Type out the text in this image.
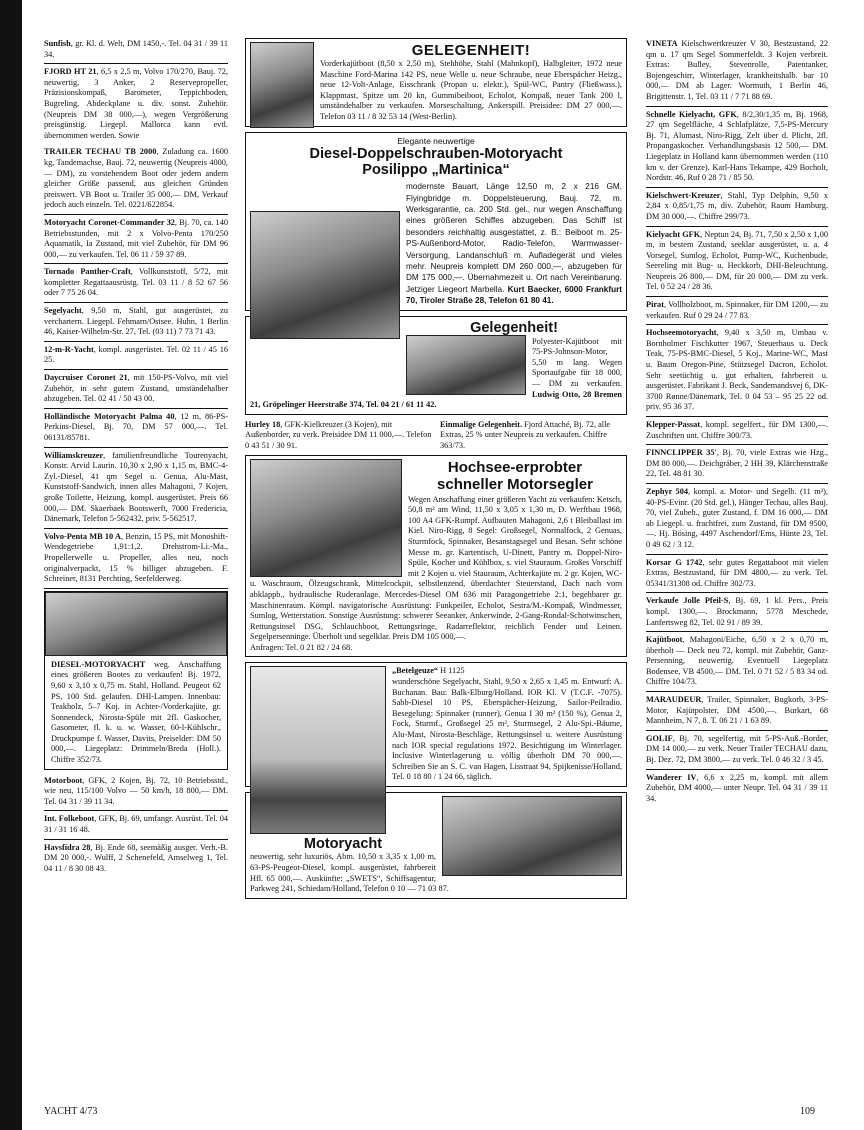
Sunfish, gr. Kl. d. Welt, DM 1450,-. Tel. 04 31 / 39 11 34.
FJORD HT 21, 6,5 x 2,5 m, Volvo 170/270, Bauj. 72, neuwertig, 3 Anker, 2 Reservepropeller, Präzisionskompaß, Barometer, Teppichboden, Bugreling, Abdeckplane u. div. sonst. Zubehör. (Neupreis DM 38 000,—), wegen Vergrößerung preisgünstig. Liegepl. Mallorca kann evtl. übernommen werden. Sowie
TRAILER TECHAU TB 2000, Zuladung ca. 1600 kg, Tandemachse, Bauj. 72, neuwertig (Neupreis 4000,— DM), zu vorstehendem Boot oder jedem andern gleicher Größe passend, aus gleichen Gründen preiswert. VB Boot u. Trailer 35 000,— DM, Verkauf jedoch auch einzeln. Tel. 0221/622854.
Motoryacht Coronet-Commander 32, Bj. 70, ca. 140 Betriebsstunden, mit 2 x Volvo-Penta 170/250 Aquamatik, Ia Zustand, mit viel Zubehör, für DM 96 000,— zu verkaufen. Tel. 06 11 / 59 37 89.
Tornado Panther-Craft, Vollkunststoff, 5/72, mit kompletter Regattaausrüstg. Tel. 03 11 / 8 52 67 56 oder 7 75 26 04.
Segelyacht, 9,50 m, Stahl, gut ausgerüstet, zu verchartern. Liegepl. Fehmarn/Ostsee. Huhn, 1 Berlin 46, Kaiser-Wilhelm-Str. 27, Tel. (03 11) 7 73 71 43.
12-m-R-Yacht, kompl. ausgerüstet. Tel. 02 11 / 45 16 25.
Daycruiser Coronet 21, mit 150-PS-Volvo, mit viel Zubehör, in sehr gutem Zustand, umständehalber abzugeben. Tel. 02 41 / 50 43 00.
Holländische Motoryacht Palma 40, 12 m, 86-PS-Perkins-Diesel, Bj. 70, DM 57 000,—. Tel. 06131/85781.
Williamskreuzer, familienfreundliche Tourenyacht, Konstr. Arvid Laurin. 10,30 x 2,90 x 1,15 m, BMC-4-Zyl.-Diesel, 41 qm Segel u. Genua, Alu-Mast, Kunststoff-Sandwich, innen alles Mahagoni, 7 Kojen, große Toilette, Heizung, kompl. ausgerüstet. Preis 66 000,— DM. Skaerbaek Bootswerft, 7000 Fredericia, Dänemark, Telefon 5-562432, priv. 5-562517.
Volvo-Penta MB 10 A, Benzin, 15 PS, mit Monoshift-Wendegetriebe 1,91:1,2. Drehstrom-Li.-Ma., Propellerwelle u. Propeller, alles neu, noch originalverpackt, 15 % billiger abzugeben. F. Schreiner, 8131 Perchting, Seefelderweg.
DIESEL-MOTORYACHT weg. Anschaffung eines größeren Bootes zu verkaufen! Bj. 1972, 9,60 x 3,10 x 0,75 m. Stahl, Holland. Peugeot 62 PS, 100 Std. gelaufen. DHI-Lampen. Innenbau: Teakholz, 5–7 Koj. in Achter-/Vorderkajüte, gr. Sonnendeck, Nirosta-Spüle mit 2fl. Gaskocher, Gasometer, fl. k. u. w. Wasser, 60-l-Kühlschr., Druckpumpe f. Wasser, Davits, Preiselder: DM 50 000,—. Liegeplatz: Drimmeln/Breda (Holl.). Chiffre 352/73.
Motorboot, GFK, 2 Kojen, Bj. 72, 10 Betriebsstd., wie neu, 115/100 Volvo — 50 km/h, 18 800,— DM. Tel. 04 31 / 39 11 34.
Int. Folkeboot, GFK, Bj. 69, umfangr. Ausrüst. Tel. 04 31 / 31 16 48.
Havsfidra 28, Bj. Ende 68, seemäßig ausger. Verh.-B. DM 20 000,-. Wulff, 2 Schenefeld, Amselweg 1, Tel. 04 11 / 8 30 08 43.
GELEGENHEIT!
Vorderkajütboot (8,50 x 2,50 m), Stehhöhe, Stahl (Mahnkopf), Halbgleiter, 1972 neue Maschine Ford-Marina 142 PS, neue Welle u. neue Schraube, neue Eberspächer Heizg., neue 12-Volt-Anlage, Eisschrank (Propan u. elektr.), Spül-WC, Pantry (Fließwass.), Klappmast, Spitze um 20 kn, Gummibeiboot, Echolot, Kompaß, neuer Tank 200 l, umständehalber zu verkaufen. Morseschaltung, Ankerspill. Preisidee: DM 27 000,—. Telefon 03 11 / 8 32 53 14 (West-Berlin).
Elegante neuwertige
Diesel-Doppelschrauben-Motoryacht
Posilippo „Martinica“
modernste Bauart, Länge 12,50 m, 2 x 216 GM, Flyingbridge m. Doppelsteuerung, Bauj. 72, m. Werksgarantie, ca. 200 Std. gel., nur wegen Anschaffung eines größeren Schiffes abzugeben. Das Schiff ist besonders reichhaltig ausgestattet, z. B.: Beiboot m. 25-PS-Außenbord-Motor, Radio-Telefon, Warmwasser-Versorgung, Landanschluß m. Aufladegerät und vieles mehr. Neupreis komplett DM 260 000,—, abzugeben für DM 175 000,—. Übernahmezeit u. Ort nach Vereinbarung. Jetziger Liegeort Marbella. Kurt Baecker, 6000 Frankfurt 70, Tiroler Straße 28, Telefon 61 80 41.
Gelegenheit!
Polyester-Kajütboot mit 75-PS-Johnson-Motor, 5,50 m lang. Wegen Sportaufgabe für 18 000,— DM zu verkaufen. Ludwig Otto, 28 Bremen 21, Gröpelinger Heerstraße 374, Tel. 04 21 / 61 11 42.
Hurley 18, GFK-Kielkreuzer (3 Kojen), mit Außenborder, zu verk. Preisidee DM 11 000,—. Telefon 0 43 51 / 30 91.
Einmalige Gelegenheit. Fjord Attaché, Bj. 72, alle Extras, 25 % unter Neupreis zu verkaufen. Chiffre 363/73.
Hochsee-erprobter
schneller Motorsegler
Wegen Anschaffung einer größeren Yacht zu verkaufen: Ketsch, 50,8 m² am Wind, 11,50 x 3,05 x 1,30 m, D. Werftbau 1968, 100 A4 GFK-Rumpf. Aufbauten Mahagoni, 2,6 t Bleiballast im Kiel. Niro-Rigg, 8 Segel: Großsegel, Normalfock, 2 Genuas, Sturmfock, Spinnaker, Besanstagsegel und Besan. Sehr schöne Messe m. gr. Kartentisch, U-Dinett, Pantry m. Doppel-Niro-Spüle, Kocher und Kühlbox, s. viel Stauraum. Großes Vorschiff mit 2 Kojen u. viel Stauraum, Achterkajüte m. 2 gr. Kojen, WC- u. Waschraum, Ölzeugschrank, Mittelcockpit, selbstlenzend, überdachter Steuerstand, Dach nach vorn abklappb., hydraulische Ruderanlage. Mercedes-Diesel OM 636 mit Paragongetriebe 2:1, begehbarer gr. Maschinenraum. Kompl. navigatorische Ausrüstung: Funkpeiler, Echolot, Sestra/M.-Kompaß, Windmesser, Sumlog, Wetterstation. Sonstige Ausrüstung: schwerer Seeanker, Ankerwinde, 2-Gang-Rondal-Schotwinschen, Rettungsinsel DSG, Schlauchboot, Rettungsringe, Radarreflektor, reichlich Fender und Leinen. Segelpersenninge. Überholt und segelklar. Preis DM 105 000,—.
Anfragen: Tel. 0 21 82 / 24 68.
„Betelgeuze“ H 1125
wunderschöne Segelyacht, Stahl, 9,50 x 2,65 x 1,45 m. Entwurf: A. Buchanan. Bau: Balk-Elburg/Holland. IOR Kl. V (T.C.F. -7075). Sabb-Diesel 10 PS, Eberspächer-Heizung, Sailor-Peilradio. Besegelung: Spinnaker (runner), Genua I 30 m² (150 %), Genua 2, Fock, Sturmf., Großsegel 25 m², Sturmsegel, 2 Alu-Spi.-Bäume, Alu-Mast, Nirosta-Beschläge, Rettungsinsel u. weitere Ausrüstung nach IOR special regulations 1972. Besichtigung im Winterlager. Inclusive Winterlagerung u. völlig überholt DM 70 000,—. Schreiben Sie an S. C. van Hagen, Lisstraat 94, Spijkenisse/Holland, Tel. 0 18 80 / 1 24 66, täglich.
Motoryacht
neuwertig, sehr luxuriös, Abm. 10,50 x 3,35 x 1,00 m, 63-PS-Peugeot-Diesel, kompl. ausgerüstet, fahrbereit Hfl. 65 000,—. Auskünfte: „SWETS“, Schiffsagentur, Parkweg 241, Schiedam/Holland, Telefon 0 10 — 71 03 87.
VINETA Kielschwertkreuzer V 30, Bestzustand, 22 qm u. 17 qm Segel Sommerfeldt. 3 Kojen verbreit. Extras: Bulley, Stevenrolle, Patentanker, Bojengeschirr, Winterlager, krankheitshalb. bar 10 000,— DM ab Lager. Wormuth, 1 Berlin 46, Brigittenstr. 1, Tel. 03 11 / 7 71 88 69.
Schnelle Kielyacht, GFK, 8/2,30/1,35 m, Bj. 1968, 27 qm Segelfläche, 4 Schlafplätze, 7,5-PS-Mercury Bj. 71, Alumast, Niro-Rigg, Zelt über d. Plicht, 2fl. Propangaskocher. Verhandlungsbasis 12 500,— DM. Liegeplatz in Holland kann übernommen werden (110 km v. der Grenze). Karl-Hans Tekampe, 429 Bocholt, Nordstr. 46, Ruf 0 28 71 / 85 50.
Kielschwert-Kreuzer, Stahl, Typ Delphin, 9,50 x 2,84 x 0,85/1,75 m, div. Zubehör, Raum Hamburg. DM 30 000,—. Chiffre 299/73.
Kielyacht GFK, Neptun 24, Bj. 71, 7,50 x 2,50 x 1,00 m, in bestem Zustand, seeklar ausgerüstet, u. a. 4 Vorsegel, Sumlog, Echolot, Pump-WC, Kuchenbude, Seereling mit Bug- u. Heckkorb, DHI-Beleuchtung. Neupreis 26 800,— DM, für 20 000,— DM zu verk. Tel. 0 52 24 / 28 36.
Pirat, Vollholzboot, m. Spinnaker, für DM 1200,— zu verkaufen. Ruf 0 29 24 / 77 83.
Hochseemotoryacht, 9,40 x 3,50 m, Umbau v. Bornholmer Fischkutter 1967, Steuerhaus u. Deck Teak, 75-PS-BMC-Diesel, 5 Koj., Marine-WC, Mast u. Baum Oregon-Pine, Stützsegel Dacron, Echolot. Sehr seetüchtig u. gut erhalten, fahrbereit u. ausgerüstet. Fabrikant J. Beck, Sandemandsvej 6, DK-3700 Rønne/Dänemark, Tel. 0 04 53 – 95 25 22 od. priv. 95 36 37.
Klepper-Passat, kompl. segelfert., für DM 1300,—. Zuschriften unt. Chiffre 300/73.
FINNCLIPPER 35', Bj. 70, viele Extras wie Hzg., DM 80 000,—. Deichgräber, 2 HH 39, Klärchenstraße 22, Tel. 48 81 30.
Zephyr 504, kompl. a. Motor- und Segelb. (11 m²), 40-PS-Evinr. (20 Std. gel.), Hänger Techau, alles Bauj. 70, viel Zubeh., guter Zustand, f. DM 16 000,— DM ab Liegepl. u. frachtfrei, zum Zustand, für DM 9500,—. Hj. Bösing, 4497 Aschendorf/Ems, Hünte 23, Tel. 0 49 62 / 3 12.
Korsar G 1742, sehr gutes Regattaboot mit vielen Extras, Bestzustand, für DM 4800,— zu verk. Tel. 05341/31308 od. Chiffre 302/73.
Verkaufe Jolle Pfeil-S, Bj. 69, 1 kl. Pers., Preis kompl. 1300,—. Brockmann, 5778 Meschede, Lanfertsweg 82, Tel. 02 91 / 89 39.
Kajütboot, Mahagoni/Eiche, 6,50 x 2 x 0,70 m, überholt — Deck neu 72, kompl. mit Zubehör, Ganz-Persenning, neuwertig. Eventuell Liegeplatz Bodensee, VB 4500,— DM. Tel. 0 71 52 / 5 83 34 od. Chiffre 104/73.
MARAUDEUR, Trailer, Spinnaker, Bugkorb, 3-PS-Motor, Kajütpolster, DM 4500,—. Burkart, 68 Mannheim, N 7, 8. T. 06 21 / 1 63 89.
GOLIF, Bj. 70, segelfertig, mit 5-PS-Auß.-Border, DM 14 000,— zu verk. Neuer Trailer TECHAU dazu, Bj. Dez. 72, DM 3800,— zu verk. Tel. 0 46 32 / 3 45.
Wanderer IV, 6,6 x 2,25 m, kompl. mit allem Zubehör, DM 4000,— unter Neupr. Tel. 04 31 / 39 11 34.
YACHT 4/73	109
